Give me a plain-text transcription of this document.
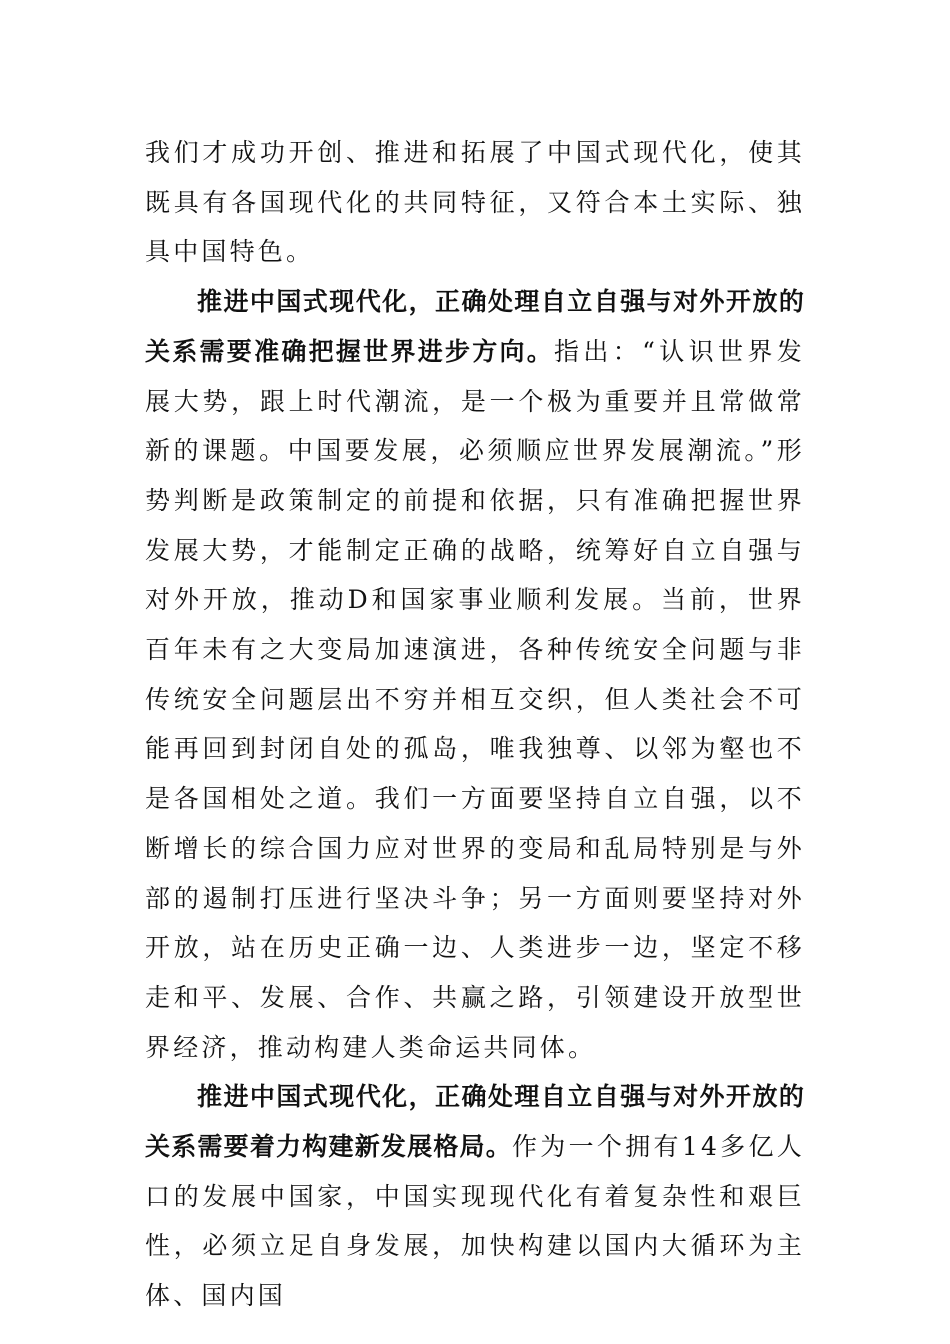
我们才成功开创、推进和拓展了中国式现代化，使其既具有各国现代化的共同特征，又符合本土实际、独具中国特色。

推进中国式现代化，正确处理自立自强与对外开放的关系需要准确把握世界进步方向。指出：“认识世界发展大势，跟上时代潮流，是一个极为重要并且常做常新的课题。中国要发展，必须顺应世界发展潮流。”形势判断是政策制定的前提和依据，只有准确把握世界发展大势，才能制定正确的战略，统筹好自立自强与对外开放，推动D和国家事业顺利发展。当前，世界百年未有之大变局加速演进，各种传统安全问题与非传统安全问题层出不穷并相互交织，但人类社会不可能再回到封闭自处的孤岛，唯我独尊、以邻为壑也不是各国相处之道。我们一方面要坚持自立自强，以不断增长的综合国力应对世界的变局和乱局特别是与外部的遏制打压进行坚决斗争；另一方面则要坚持对外开放，站在历史正确一边、人类进步一边，坚定不移走和平、发展、合作、共赢之路，引领建设开放型世界经济，推动构建人类命运共同体。

推进中国式现代化，正确处理自立自强与对外开放的关系需要着力构建新发展格局。作为一个拥有14多亿人口的发展中国家，中国实现现代化有着复杂性和艰巨性，必须立足自身发展，加快构建以国内大循环为主体、国内国
